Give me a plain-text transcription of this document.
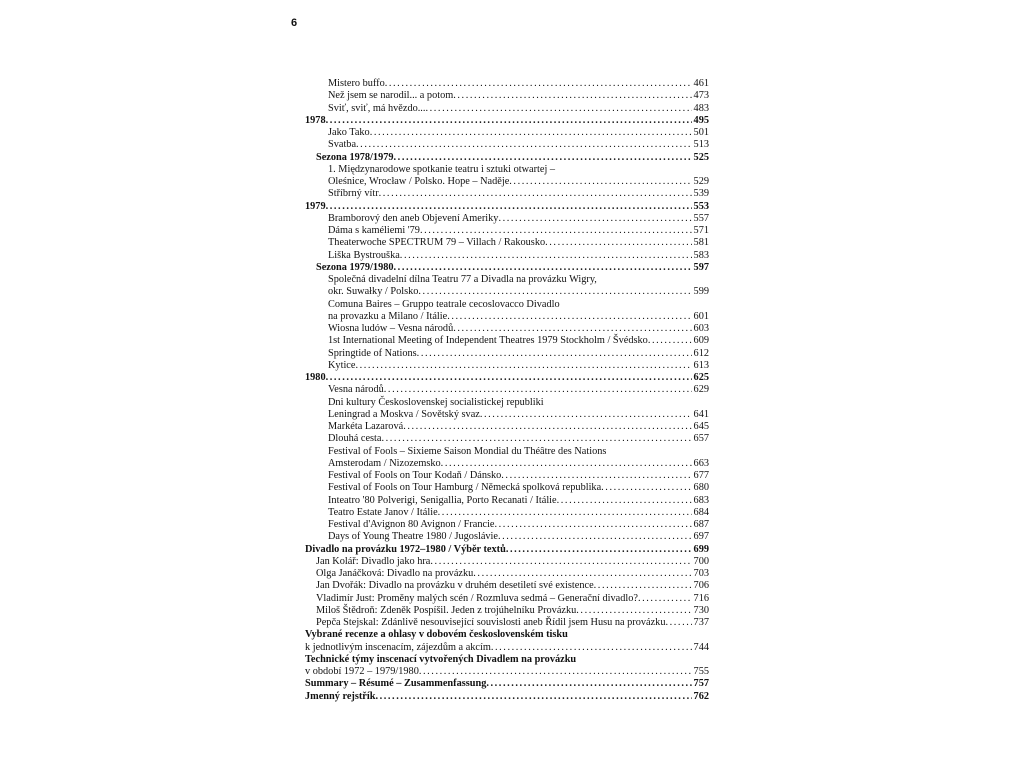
6
Mistero buffo . . .	461
Než jsem se narodil... a potom . . .	473
Sviť, sviť, má hvězdo... . . .	483
1978 . . .	495
Jako Tako . . .	501
Svatba . . .	513
Sezona 1978/1979 . . .	525
1. Międzynarodowe spotkanie teatru i sztuki otwartej –
Oleśnice, Wrocław / Polsko. Hope – Naděje . . .	529
Stříbrný vítr . . .	539
1979 . . .	553
Bramborový den aneb Objevení Ameriky . . .	557
Dáma s kaméliemi '79 . . .	571
Theaterwoche SPECTRUM 79 – Villach / Rakousko . . .	581
Liška Bystrouška . . .	583
Sezona 1979/1980 . . .	597
Společná divadelní dílna Teatru 77 a Divadla na provázku Wigry,
okr. Suwałky / Polsko . . .	599
Comuna Baires – Gruppo teatrale cecoslovacco Divadlo
na provazku a Milano / Itálie . . .	601
Wiosna ludów – Vesna národů . . .	603
1st International Meeting of Independent Theatres 1979 Stockholm / Švédsko . . .	609
Springtide of Nations . . .	612
Kytice . . .	613
1980 . . .	625
Vesna národů . . .	629
Dni kultury Československej socialistickej republiki
Leningrad a Moskva / Sovětský svaz . . .	641
Markéta Lazarová . . .	645
Dlouhá cesta . . .	657
Festival of Fools – Sixieme Saison Mondial du Théâtre des Nations
Amsterodam / Nizozemsko . . .	663
Festival of Fools on Tour Kodaň / Dánsko . . .	677
Festival of Fools on Tour Hamburg / Německá spolková republika . . .	680
Inteatro '80 Polverigi, Senigallia, Porto Recanati / Itálie . . .	683
Teatro Estate Janov / Itálie . . .	684
Festival d'Avignon 80 Avignon / Francie . . .	687
Days of Young Theatre 1980 / Jugoslávie . . .	697
Divadlo na provázku 1972–1980 / Výběr textů . . .	699
Jan Kolář: Divadlo jako hra . . .	700
Olga Janáčková: Divadlo na provázku . . .	703
Jan Dvořák: Divadlo na provázku v druhém desetiletí své existence . . .	706
Vladimír Just: Proměny malých scén / Rozmluva sedmá – Generační divadlo? . . .	716
Miloš Štědroň: Zdeněk Pospíšil. Jeden z trojúhelníku Provázku . . .	730
Pepča Stejskal: Zdánlivě nesouvisející souvislosti aneb Řídil jsem Husu na provázku . . .	737
Vybrané recenze a ohlasy v dobovém československém tisku
k jednotlivým inscenacím, zájezdům a akcím . . .	744
Technické týmy inscenací vytvořených Divadlem na provázku
v období 1972 – 1979/1980 . . .	755
Summary – Résumé – Zusammenfassung . . .	757
Jmenný rejstřík . . .	762
